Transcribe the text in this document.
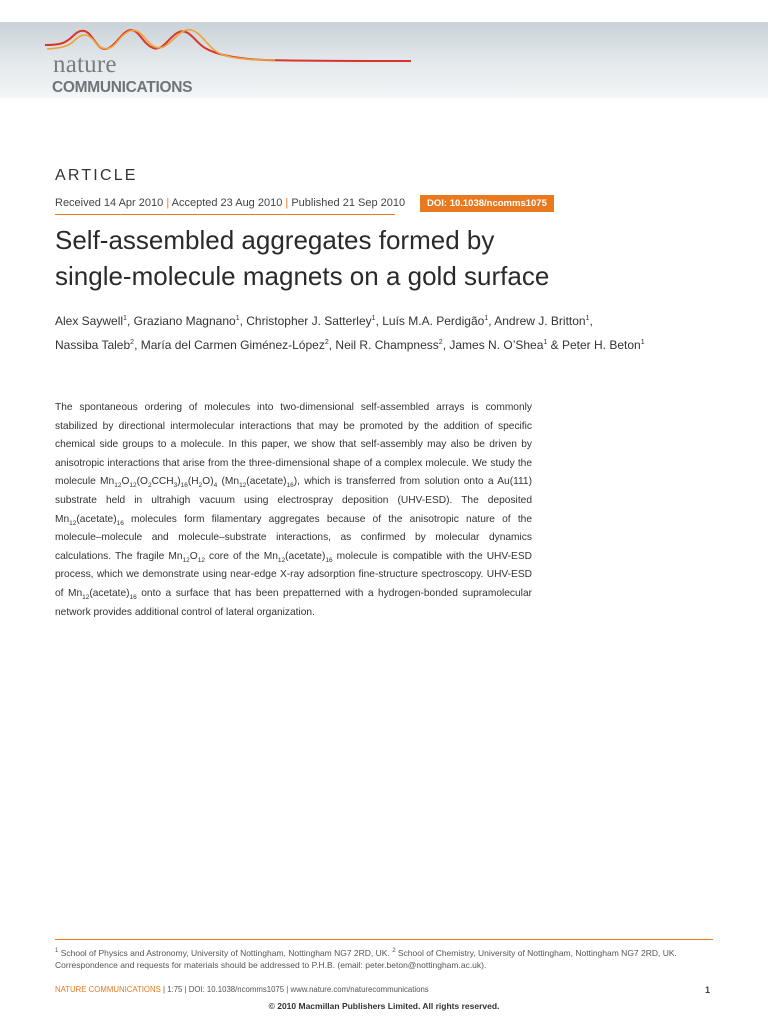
nature
COMMUNICATIONS
ARTICLE
Received 14 Apr 2010 | Accepted 23 Aug 2010 | Published 21 Sep 2010	DOI: 10.1038/ncomms1075
Self-assembled aggregates formed by
single-molecule magnets on a gold surface
Alex Saywell$^1$, Graziano Magnano$^1$, Christopher J. Satterley$^1$, Luís M.A. Perdigão$^1$, Andrew J. Britton$^1$,
Nassiba Taleb$^2$, María del Carmen Giménez-López$^2$, Neil R. Champness$^2$, James N. O’Shea$^1$ & Peter H. Beton$^1$

The spontaneous ordering of molecules into two-dimensional self-assembled arrays is commonly stabilized by directional intermolecular interactions that may be promoted by the addition of specific chemical side groups to a molecule. In this paper, we show that self-assembly may also be driven by anisotropic interactions that arise from the three-dimensional shape of a complex molecule. We study the molecule $Mn_{12}O_{12}(O_2CCH_3)_{16}(H_2O)_4$ $(Mn_{12}(acetate)_{16})$, which is transferred from solution onto a Au(111) substrate held in ultrahigh vacuum using electrospray deposition (UHV-ESD). The deposited $Mn_{12}(acetate)_{16}$ molecules form filamentary aggregates because of the anisotropic nature of the molecule–molecule and molecule–substrate interactions, as confirmed by molecular dynamics calculations. The fragile $Mn_{12}O_{12}$ core of the $Mn_{12}(acetate)_{16}$ molecule is compatible with the UHV-ESD process, which we demonstrate using near-edge X-ray adsorption fine-structure spectroscopy. UHV-ESD of $Mn_{12}(acetate)_{16}$ onto a surface that has been prepatterned with a hydrogen-bonded supramolecular network provides additional control of lateral organization.

$^1$ School of Physics and Astronomy, University of Nottingham, Nottingham NG7 2RD, UK. $^2$ School of Chemistry, University of Nottingham, Nottingham NG7 2RD, UK. Correspondence and requests for materials should be addressed to P.H.B. (email: peter.beton@nottingham.ac.uk).
NATURE COMMUNICATIONS | 1:75 | DOI: 10.1038/ncomms1075 | www.nature.com/naturecommunications	1
© 2010 Macmillan Publishers Limited. All rights reserved.
